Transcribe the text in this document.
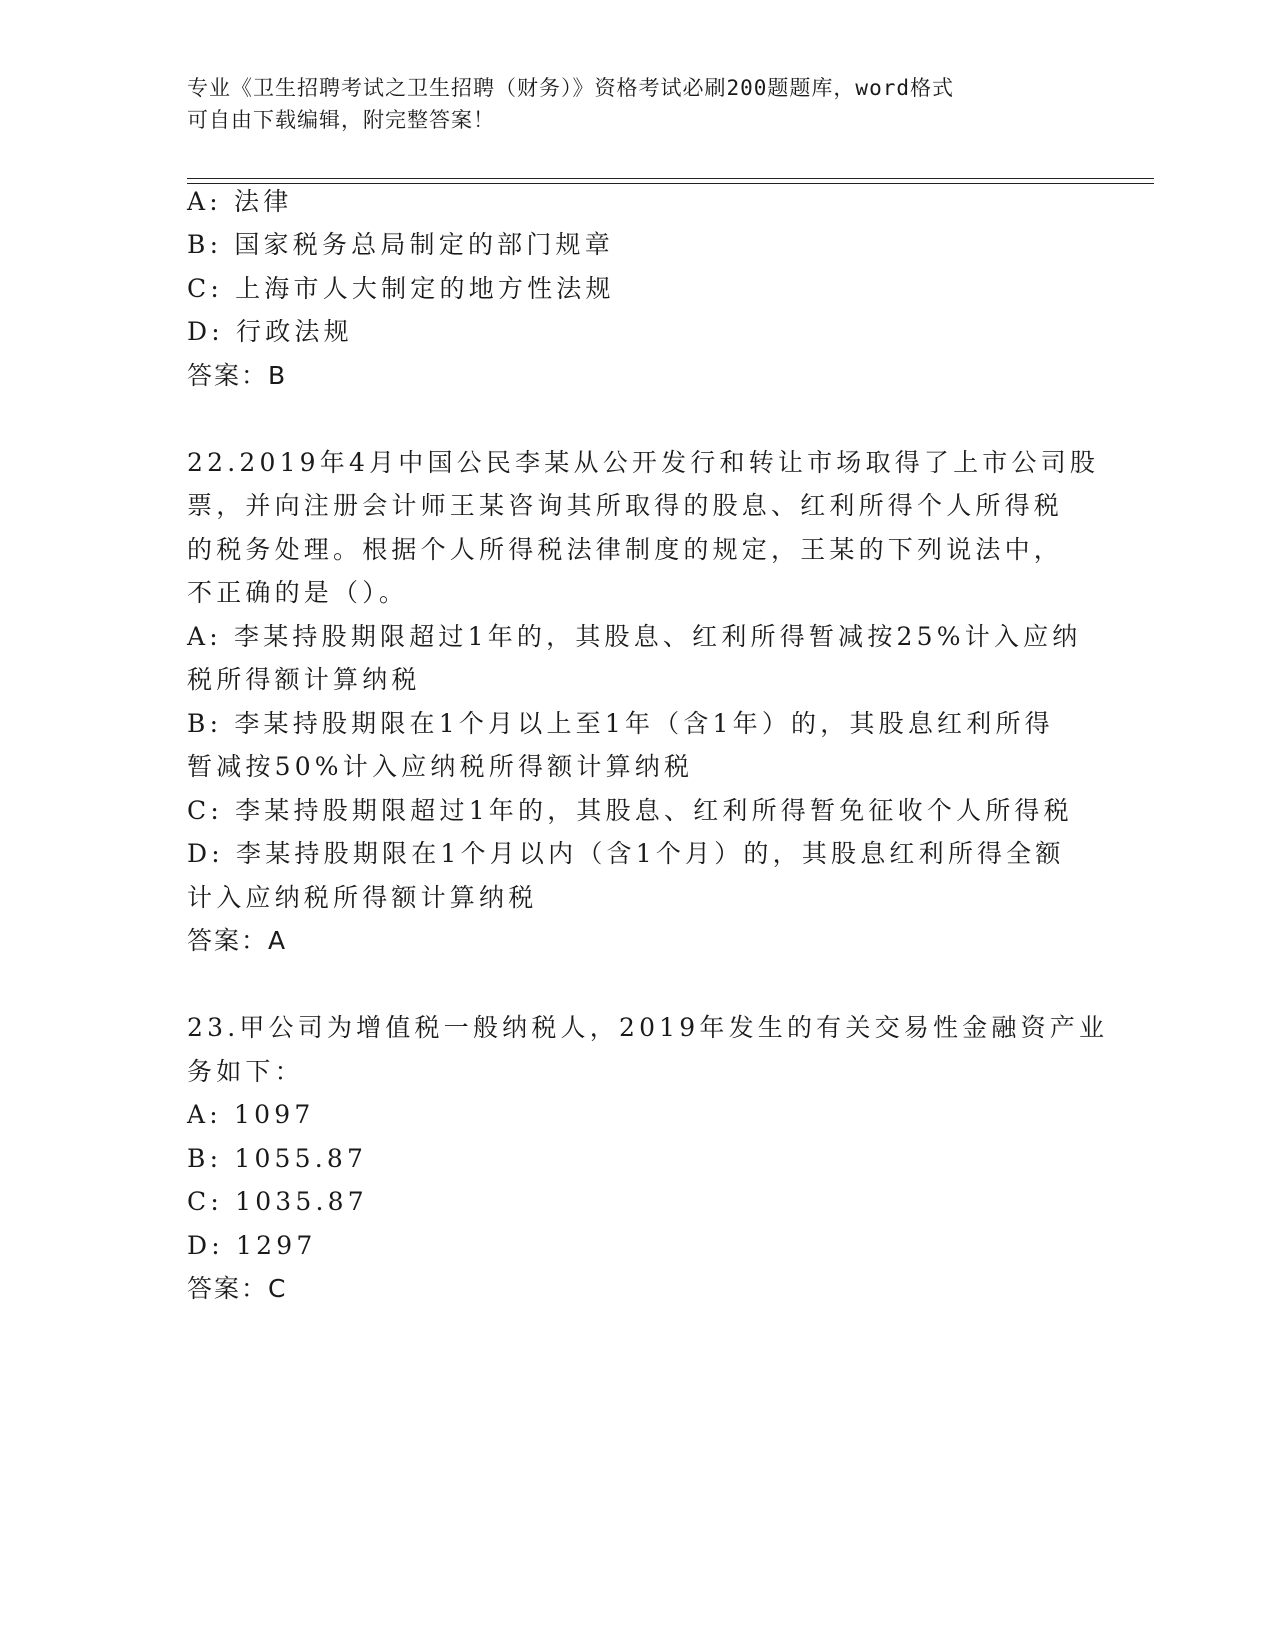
专业《卫生招聘考试之卫生招聘（财务）》资格考试必刷200题题库，word格式
可自由下载编辑，附完整答案！
A: 法律
B: 国家税务总局制定的部门规章
C: 上海市人大制定的地方性法规
D: 行政法规
答案：B
22.2019年4月中国公民李某从公开发行和转让市场取得了上市公司股
票，并向注册会计师王某咨询其所取得的股息、红利所得个人所得税
的税务处理。根据个人所得税法律制度的规定，王某的下列说法中，
不正确的是（）。
A: 李某持股期限超过1年的，其股息、红利所得暂减按25%计入应纳
税所得额计算纳税
B: 李某持股期限在1个月以上至1年（含1年）的，其股息红利所得
暂减按50%计入应纳税所得额计算纳税
C: 李某持股期限超过1年的，其股息、红利所得暂免征收个人所得税
D: 李某持股期限在1个月以内（含1个月）的，其股息红利所得全额
计入应纳税所得额计算纳税
答案：A
23.甲公司为增值税一般纳税人，2019年发生的有关交易性金融资产业
务如下：
A: 1097
B: 1055.87
C: 1035.87
D: 1297
答案：C
